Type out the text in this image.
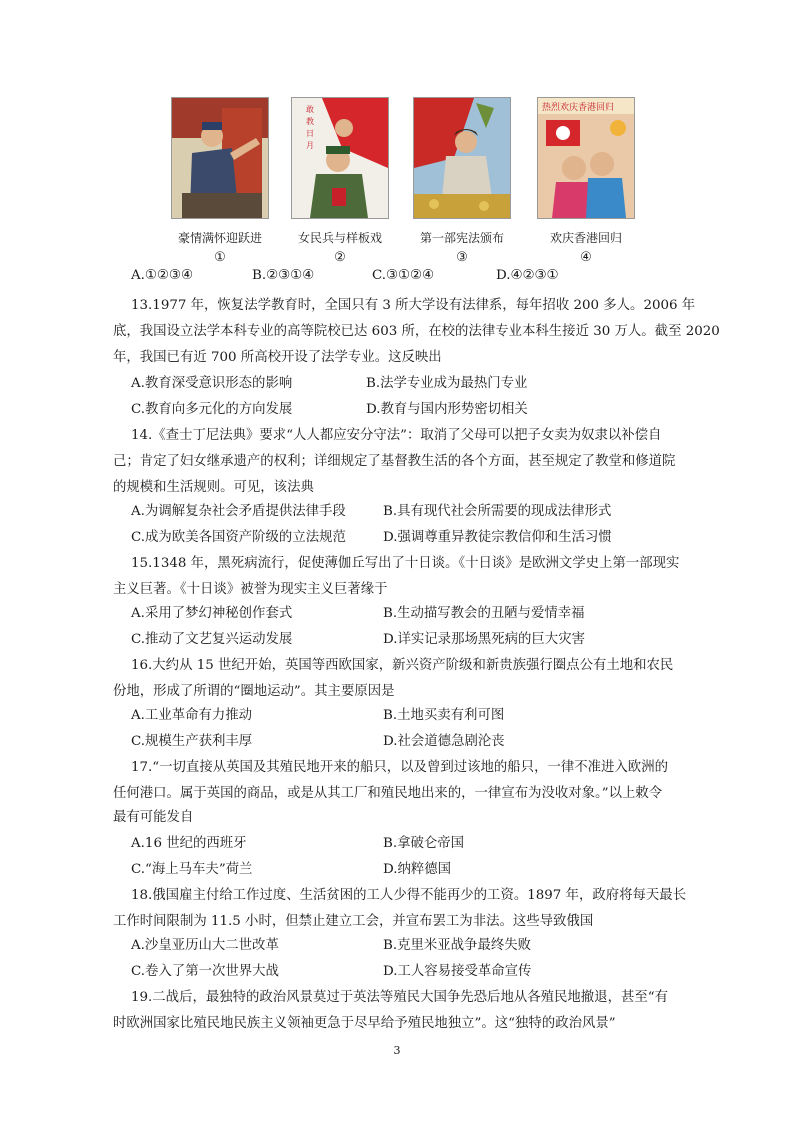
豪情满怀迎跃进
①
敢
教
日
月
女民兵与样板戏
②
第一部宪法颁布
③
热烈欢庆香港回归
欢庆香港回归
④
A.①②③④	B.②③①④	C.③①②④	D.④②③①
13.1977 年，恢复法学教育时，全国只有 3 所大学设有法律系，每年招收 200 多人。2006 年
底，我国设立法学本科专业的高等院校已达 603 所，在校的法律专业本科生接近 30 万人。截至 2020
年，我国已有近 700 所高校开设了法学专业。这反映出
A.教育深受意识形态的影响	B.法学专业成为最热门专业
C.教育向多元化的方向发展	D.教育与国内形势密切相关
14.《查士丁尼法典》要求“人人都应安分守法”：取消了父母可以把子女卖为奴隶以补偿自
己；肯定了妇女继承遗产的权利；详细规定了基督教生活的各个方面，甚至规定了教堂和修道院
的规模和生活规则。可见，该法典
A.为调解复杂社会矛盾提供法律手段	B.具有现代社会所需要的现成法律形式
C.成为欧美各国资产阶级的立法规范	D.强调尊重异教徒宗教信仰和生活习惯
15.1348 年，黑死病流行，促使薄伽丘写出了十日谈。《十日谈》是欧洲文学史上第一部现实
主义巨著。《十日谈》被誉为现实主义巨著缘于
A.采用了梦幻神秘创作套式	B.生动描写教会的丑陋与爱情幸福
C.推动了文艺复兴运动发展	D.详实记录那场黑死病的巨大灾害
16.大约从 15 世纪开始，英国等西欧国家，新兴资产阶级和新贵族强行圈点公有土地和农民
份地，形成了所谓的“圈地运动”。其主要原因是
A.工业革命有力推动	B.土地买卖有利可图
C.规模生产获利丰厚	D.社会道德急剧沦丧
17.“一切直接从英国及其殖民地开来的船只，以及曾到过该地的船只，一律不准进入欧洲的
任何港口。属于英国的商品，或是从其工厂和殖民地出来的，一律宣布为没收对象。”以上敕令
最有可能发自
A.16 世纪的西班牙	B.拿破仑帝国
C.“海上马车夫”荷兰	D.纳粹德国
18.俄国雇主付给工作过度、生活贫困的工人少得不能再少的工资。1897 年，政府将每天最长
工作时间限制为 11.5 小时，但禁止建立工会，并宣布罢工为非法。这些导致俄国
A.沙皇亚历山大二世改革	B.克里米亚战争最终失败
C.卷入了第一次世界大战	D.工人容易接受革命宣传
19.二战后，最独特的政治风景莫过于英法等殖民大国争先恐后地从各殖民地撤退，甚至“有
时欧洲国家比殖民地民族主义领袖更急于尽早给予殖民地独立”。这“独特的政治风景”
3
